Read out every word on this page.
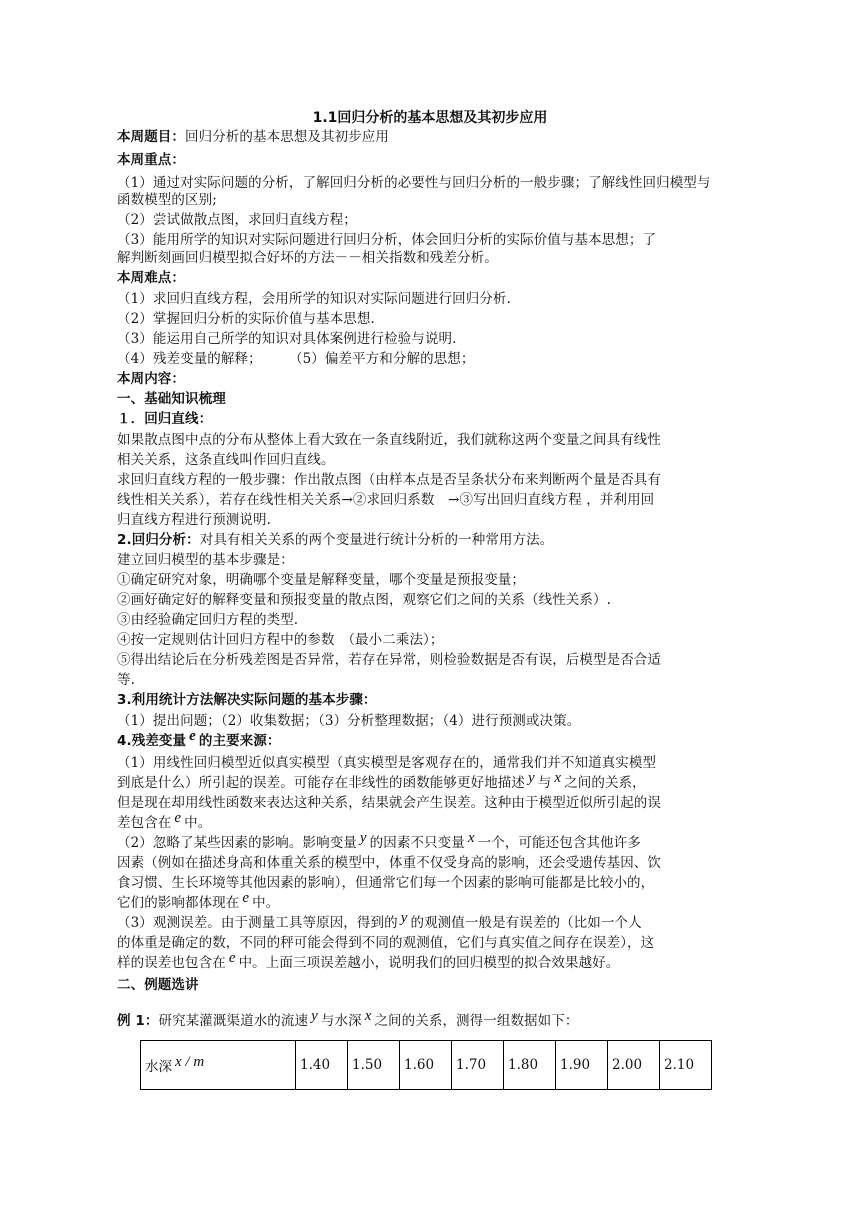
1.1回归分析的基本思想及其初步应用
本周题目：回归分析的基本思想及其初步应用
本周重点：
（1）通过对实际问题的分析，了解回归分析的必要性与回归分析的一般步骤；了解线性回归模型与
函数模型的区别;
（2）尝试做散点图，求回归直线方程；
（3）能用所学的知识对实际问题进行回归分析，体会回归分析的实际价值与基本思想；了
解判断刻画回归模型拟合好坏的方法－－相关指数和残差分析。
本周难点：
（1）求回归直线方程，会用所学的知识对实际问题进行回归分析.
（2）掌握回归分析的实际价值与基本思想.
（3）能运用自己所学的知识对具体案例进行检验与说明.
（4）残差变量的解释；　　　（5）偏差平方和分解的思想；
本周内容：
一、基础知识梳理
１．回归直线：
如果散点图中点的分布从整体上看大致在一条直线附近，我们就称这两个变量之间具有线性
相关关系，这条直线叫作回归直线。
求回归直线方程的一般步骤：作出散点图（由样本点是否呈条状分布来判断两个量是否具有
线性相关关系），若存在线性相关关系→②求回归系数　→③写出回归直线方程 ，并利用回
归直线方程进行预测说明.
2.回归分析：对具有相关关系的两个变量进行统计分析的一种常用方法。
建立回归模型的基本步骤是：
①确定研究对象，明确哪个变量是解释变量，哪个变量是预报变量；
②画好确定好的解释变量和预报变量的散点图，观察它们之间的关系（线性关系）.
③由经验确定回归方程的类型.
④按一定规则估计回归方程中的参数　（最小二乘法）；
⑤得出结论后在分析残差图是否异常，若存在异常，则检验数据是否有误，后模型是否合适
等.
3.利用统计方法解决实际问题的基本步骤：
（1）提出问题；（2）收集数据；（3）分析整理数据；（4）进行预测或决策。
4.残差变量 e 的主要来源：
（1）用线性回归模型近似真实模型（真实模型是客观存在的，通常我们并不知道真实模型
到底是什么）所引起的误差。可能存在非线性的函数能够更好地描述 y 与 x 之间的关系，
但是现在却用线性函数来表达这种关系，结果就会产生误差。这种由于模型近似所引起的误
差包含在 e 中。
（2）忽略了某些因素的影响。影响变量 y 的因素不只变量 x 一个，可能还包含其他许多
因素（例如在描述身高和体重关系的模型中，体重不仅受身高的影响，还会受遗传基因、饮
食习惯、生长环境等其他因素的影响），但通常它们每一个因素的影响可能都是比较小的，
它们的影响都体现在 e 中。
（3）观测误差。由于测量工具等原因，得到的 y 的观测值一般是有误差的（比如一个人
的体重是确定的数，不同的秤可能会得到不同的观测值，它们与真实值之间存在误差），这
样的误差也包含在 e 中。上面三项误差越小，说明我们的回归模型的拟合效果越好。
二、例题选讲
例 1：研究某灌溉渠道水的流速 y 与水深 x 之间的关系，测得一组数据如下：
水深 x / m	1.40	1.50	1.60	1.70	1.80	1.90	2.00	2.10
